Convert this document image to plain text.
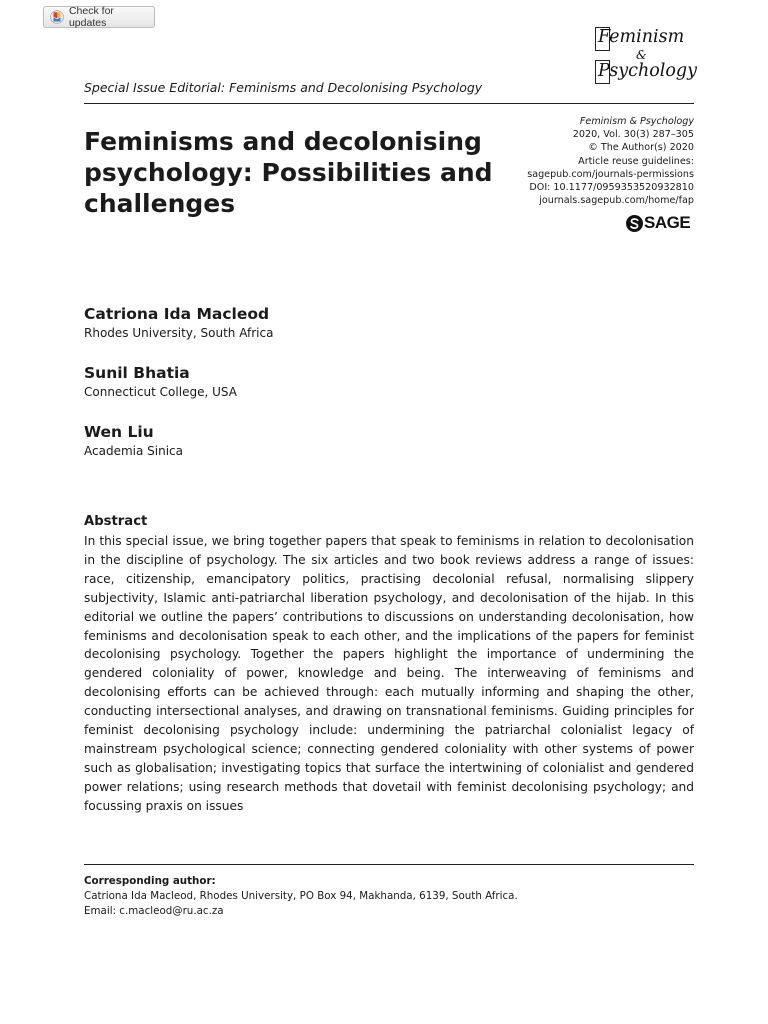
Check for updates
Feminism
&
Psychology
Special Issue Editorial: Feminisms and Decolonising Psychology
Feminisms and decolonising psychology: Possibilities and challenges
Feminism & Psychology
2020, Vol. 30(3) 287–305
© The Author(s) 2020
Article reuse guidelines:
sagepub.com/journals-permissions
DOI: 10.1177/0959353520932810
journals.sagepub.com/home/fap
SAGE
Catriona Ida Macleod
Rhodes University, South Africa
Sunil Bhatia
Connecticut College, USA
Wen Liu
Academia Sinica
Abstract

In this special issue, we bring together papers that speak to feminisms in relation to decolonisation in the discipline of psychology. The six articles and two book reviews address a range of issues: race, citizenship, emancipatory politics, practising decolonial refusal, normalising slippery subjectivity, Islamic anti-patriarchal liberation psychology, and decolonisation of the hijab. In this editorial we outline the papers’ contributions to discussions on understanding decolonisation, how feminisms and decolonisation speak to each other, and the implications of the papers for feminist decolonising psychology. Together the papers highlight the importance of undermining the gendered coloniality of power, knowledge and being. The interweaving of feminisms and decolonising efforts can be achieved through: each mutually informing and shaping the other, conducting intersectional analyses, and drawing on transnational feminisms. Guiding principles for feminist decolonising psychology include: undermining the patriarchal colonialist legacy of mainstream psychological science; connecting gendered coloniality with other systems of power such as globalisation; investigating topics that surface the intertwining of colonialist and gendered power relations; using research methods that dovetail with feminist decolonising psychology; and focussing praxis on issues

Corresponding author:
Catriona Ida Macleod, Rhodes University, PO Box 94, Makhanda, 6139, South Africa.
Email: c.macleod@ru.ac.za
